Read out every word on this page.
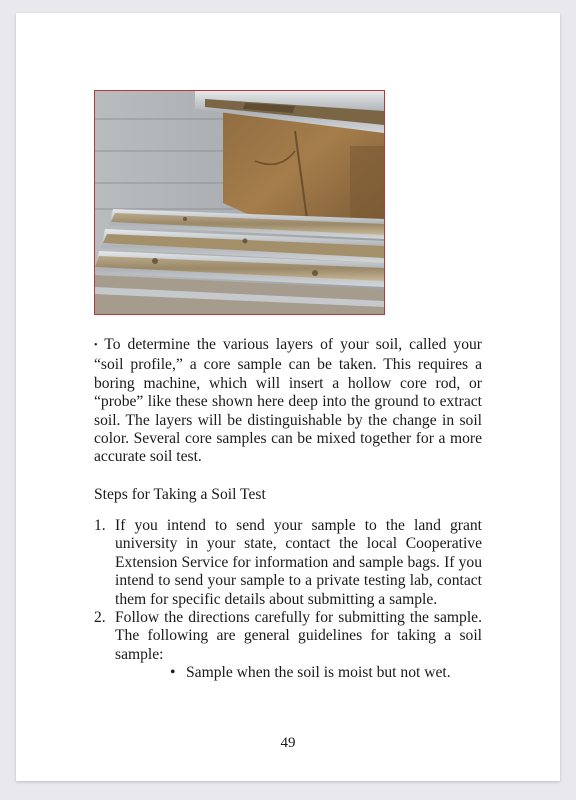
• To determine the various layers of your soil, called your “soil profile,” a core sample can be taken. This requires a boring machine, which will insert a hollow core rod, or “probe” like these shown here deep into the ground to extract soil. The layers will be distinguishable by the change in soil color. Several core samples can be mixed together for a more accurate soil test.

Steps for Taking a Soil Test
1. If you intend to send your sample to the land grant university in your state, contact the local Cooperative Extension Service for information and sample bags. If you intend to send your sample to a private testing lab, contact them for specific details about submitting a sample.
2. Follow the directions carefully for submitting the sample. The following are general guidelines for taking a soil sample:
• Sample when the soil is moist but not wet.
49
